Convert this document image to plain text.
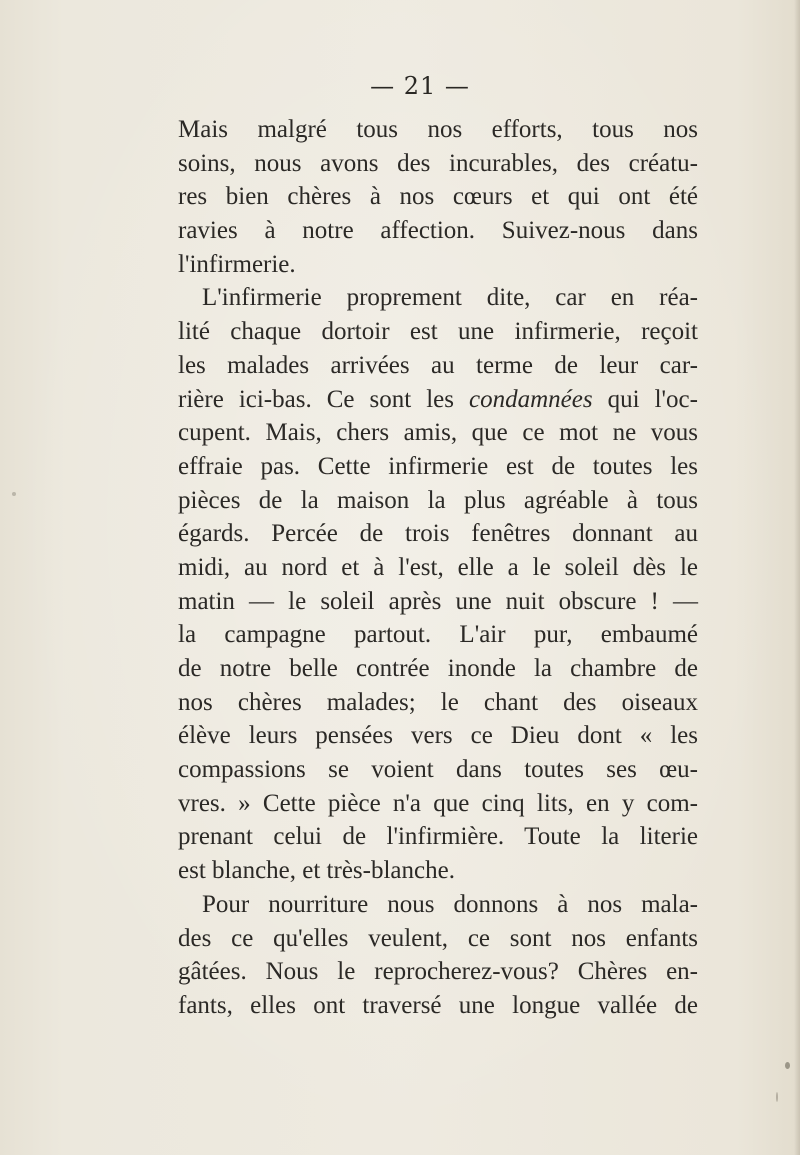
— 21 —
Mais malgré tous nos efforts, tous nos
soins, nous avons des incurables, des créatu-
res bien chères à nos cœurs et qui ont été
ravies à notre affection. Suivez-nous dans
l'infirmerie.
L'infirmerie proprement dite, car en réa-
lité chaque dortoir est une infirmerie, reçoit
les malades arrivées au terme de leur car-
rière ici-bas. Ce sont les condamnées qui l'oc-
cupent. Mais, chers amis, que ce mot ne vous
effraie pas. Cette infirmerie est de toutes les
pièces de la maison la plus agréable à tous
égards. Percée de trois fenêtres donnant au
midi, au nord et à l'est, elle a le soleil dès le
matin — le soleil après une nuit obscure ! —
la campagne partout. L'air pur, embaumé
de notre belle contrée inonde la chambre de
nos chères malades; le chant des oiseaux
élève leurs pensées vers ce Dieu dont « les
compassions se voient dans toutes ses œu-
vres. » Cette pièce n'a que cinq lits, en y com-
prenant celui de l'infirmière. Toute la literie
est blanche, et très-blanche.
Pour nourriture nous donnons à nos mala-
des ce qu'elles veulent, ce sont nos enfants
gâtées. Nous le reprocherez-vous? Chères en-
fants, elles ont traversé une longue vallée de
